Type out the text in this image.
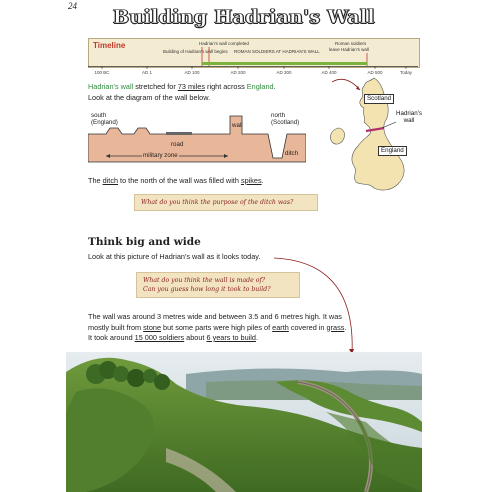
24	Building Hadrian's Wall
Timeline	Hadrian's wall completed
Building of Hadrian's wall begins ROMAN SOLDIERS AT HADRIAN'S WALL
Roman soldiers
leave Hadrian's wall
100 BC	AD 1	AD 100	AD 200	AD 300	AD 400	AD 500	Today
Hadrian's wall stretched for 73 miles right across England.
Look at the diagram of the wall below.
south
(England)
north
(Scotland)
wall
road
military zone	ditch
Scotland
Hadrian's
wall
England
The ditch to the north of the wall was filled with spikes.
What do you think the purpose of the ditch was?
Think big and wide
Look at this picture of Hadrian's wall as it looks today.
What do you think the wall is made of?
Can you guess how long it took to build?
The wall was around 3 metres wide and between 3.5 and 6 metres high. It was
mostly built from stone but some parts were high piles of earth covered in grass.
It took around 15 000 soldiers about 6 years to build.
